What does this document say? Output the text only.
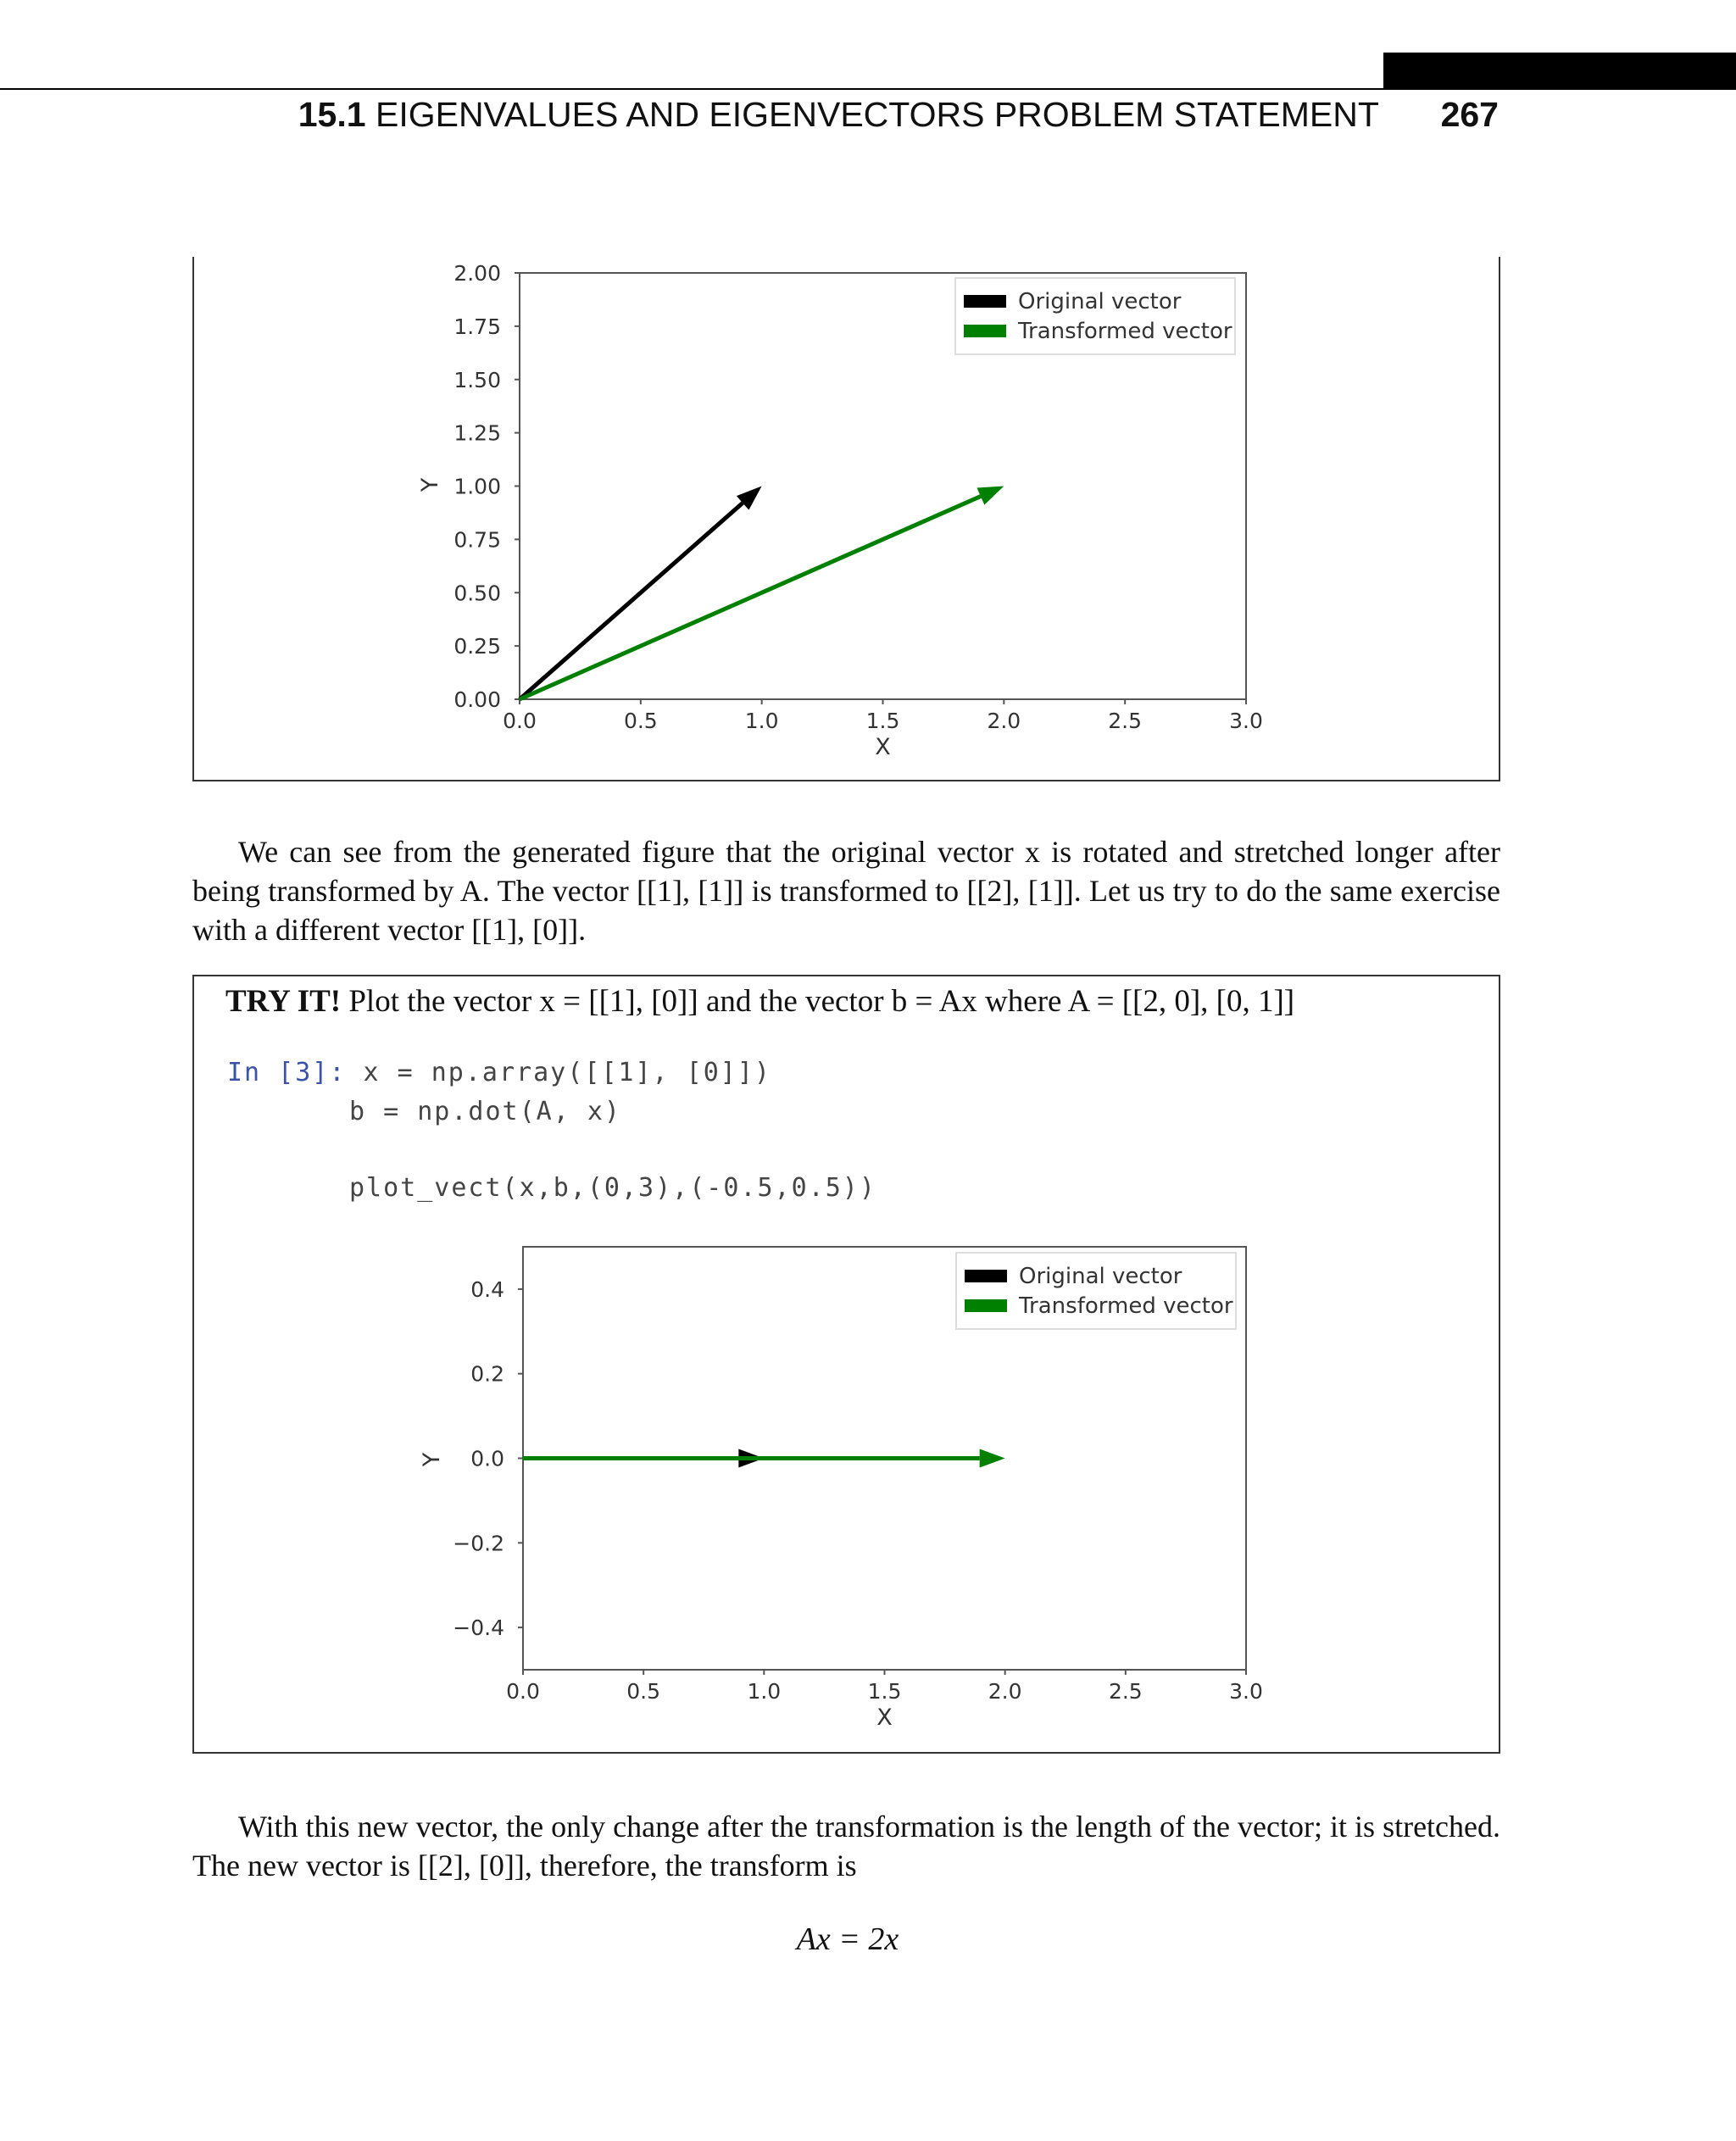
15.1 EIGENVALUES AND EIGENVECTORS PROBLEM STATEMENT 267
0.0	0.5	1.0	1.5	2.0	2.5	3.0
0.00
0.25
0.50
0.75
1.00
1.25
1.50
1.75
2.00
X
Y
Original vector
Transformed vector

We can see from the generated figure that the original vector x is rotated and stretched longer after being transformed by A. The vector [[1], [1]] is transformed to [[2], [1]]. Let us try to do the same exercise with a different vector [[1], [0]].

TRY IT! Plot the vector x = [[1], [0]] and the vector b = Ax where A = [[2, 0], [0, 1]]
In [3]: x = np.array([[1], [0]])
b = np.dot(A, x)
plot_vect(x,b,(0,3),(-0.5,0.5))
0.0	0.5	1.0	1.5	2.0	2.5	3.0
0.4
0.2
0.0
−0.2
−0.4
X
Y
Original vector
Transformed vector

With this new vector, the only change after the transformation is the length of the vector; it is stretched. The new vector is [[2], [0]], therefore, the transform is

Ax = 2x
